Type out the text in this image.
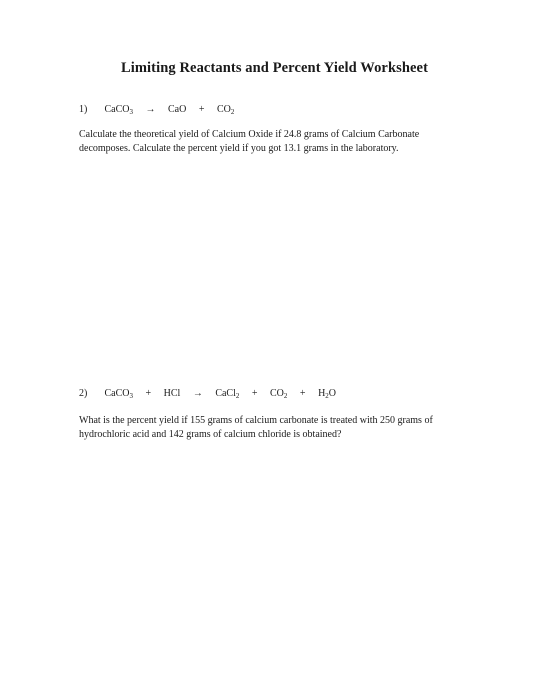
Limiting Reactants and Percent Yield Worksheet
1) CaCO$_3$ → CaO + $CO_2$
Calculate the theoretical yield of Calcium Oxide if 24.8 grams of Calcium Carbonate decomposes. Calculate the percent yield if you got 13.1 grams in the laboratory.
2) CaCO$_3$ + HCl → CaCl$_2$ + $CO_2 + H_2O$
What is the percent yield if 155 grams of calcium carbonate is treated with 250 grams of hydrochloric acid and 142 grams of calcium chloride is obtained?
